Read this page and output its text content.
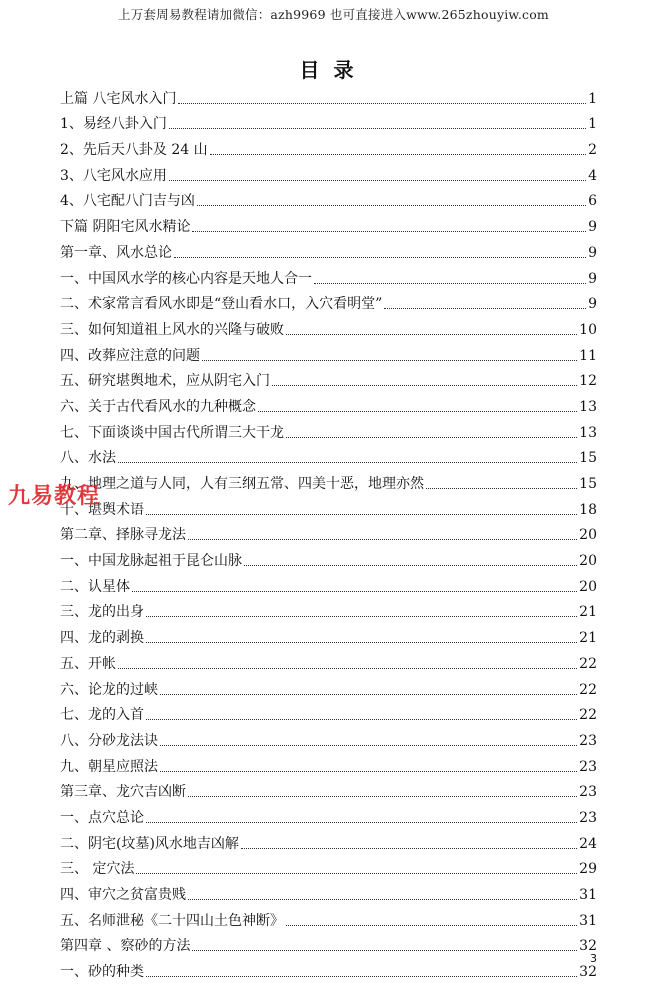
上万套周易教程请加微信：azh9969 也可直接进入www.265zhouyiw.com
目录
上篇 八宅风水入门	1
1、易经八卦入门	1
2、先后天八卦及 24 山	2
3、八宅风水应用	4
4、八宅配八门吉与凶	6
下篇 阴阳宅风水精论	9
第一章、风水总论	9
一、中国风水学的核心内容是天地人合一	9
二、术家常言看风水即是“登山看水口，入穴看明堂”	9
三、如何知道祖上风水的兴隆与破败	10
四、改葬应注意的问题	11
五、研究堪舆地术，应从阴宅入门	12
六、关于古代看风水的九种概念	13
七、下面谈谈中国古代所谓三大干龙	13
八、水法	15
九、地理之道与人同，人有三纲五常、四美十恶，地理亦然	15
十、堪舆术语	18
第二章、择脉寻龙法	20
一、中国龙脉起祖于昆仑山脉	20
二、认星体	20
三、龙的出身	21
四、龙的剥换	21
五、开帐	22
六、论龙的过峡	22
七、龙的入首	22
八、分砂龙法诀	23
九、朝星应照法	23
第三章、龙穴吉凶断	23
一、点穴总论	23
二、阴宅(坟墓)风水地吉凶解	24
三、 定穴法	29
四、审穴之贫富贵贱	31
五、名师泄秘《二十四山土色神断》	31
第四章 、察砂的方法	32
一、砂的种类	32
九易教程
3
